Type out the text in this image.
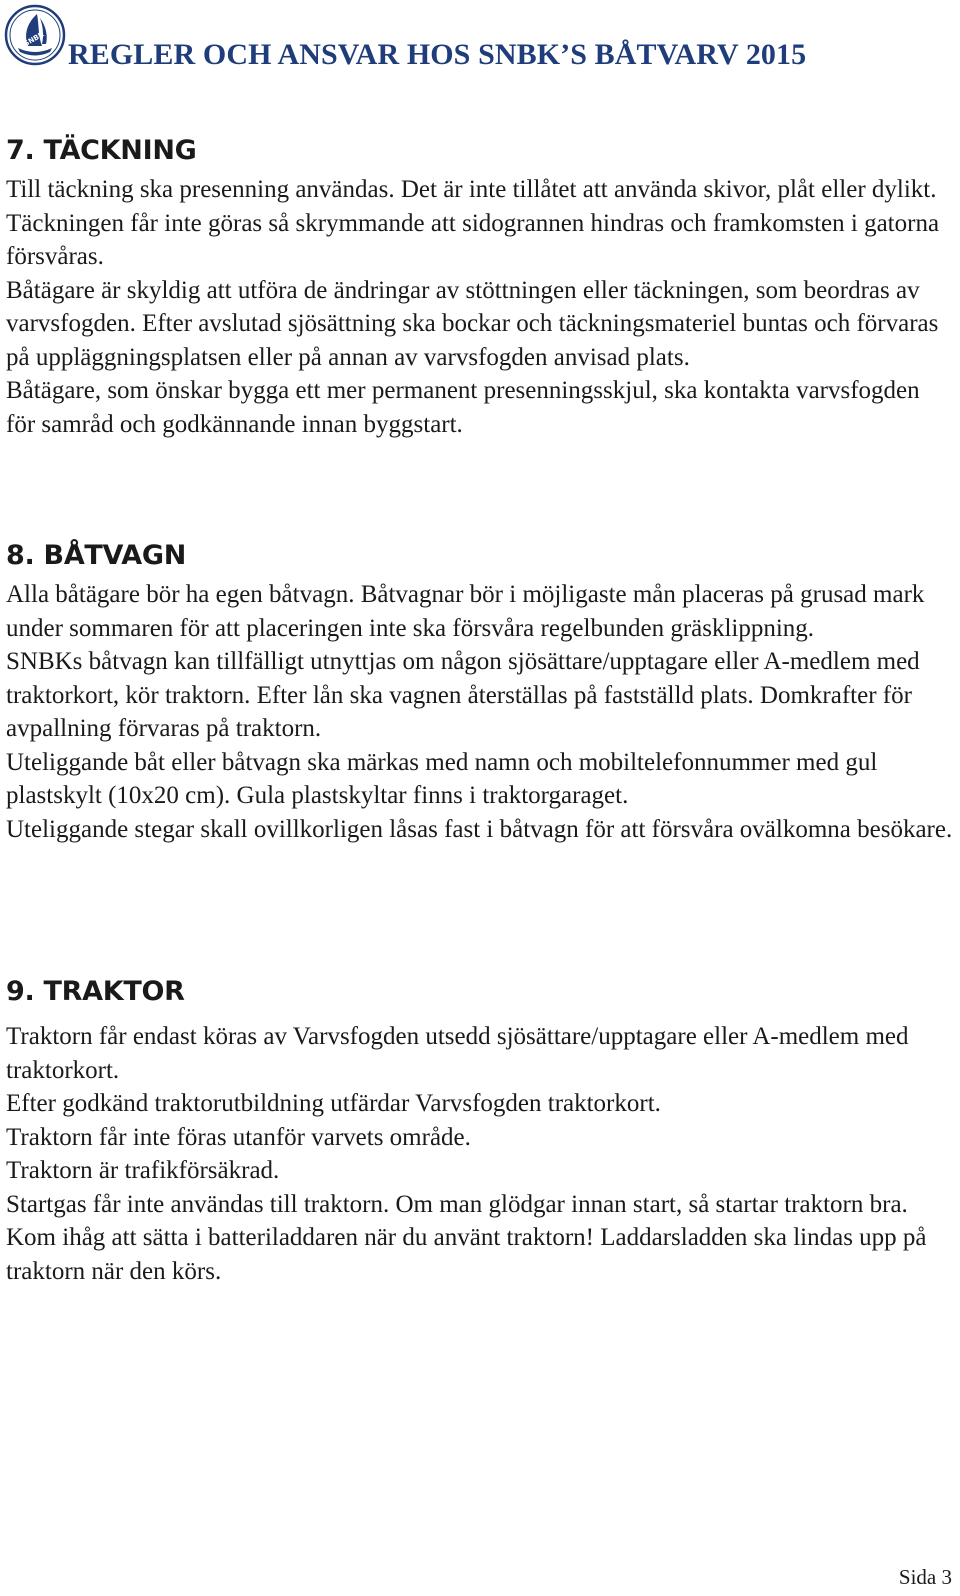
SNBK REGLER OCH ANSVAR HOS SNBK’S BÅTVARV 2015
7. TÄCKNING

Till täckning ska presenning användas. Det är inte tillåtet att använda skivor, plåt eller dylikt. Täckningen får inte göras så skrymmande att sidogrannen hindras och framkomsten i gatorna försvåras.

Båtägare är skyldig att utföra de ändringar av stöttningen eller täckningen, som beordras av varvsfogden. Efter avslutad sjösättning ska bockar och täckningsmateriel buntas och förvaras på uppläggningsplatsen eller på annan av varvsfogden anvisad plats.

Båtägare, som önskar bygga ett mer permanent presenningsskjul, ska kontakta varvsfogden för samråd och godkännande innan byggstart.

8. BÅTVAGN

Alla båtägare bör ha egen båtvagn. Båtvagnar bör i möjligaste mån placeras på grusad mark under sommaren för att placeringen inte ska försvåra regelbunden gräsklippning.

SNBKs båtvagn kan tillfälligt utnyttjas om någon sjösättare/upptagare eller A-medlem med traktorkort, kör traktorn. Efter lån ska vagnen återställas på fastställd plats. Domkrafter för avpallning förvaras på traktorn.

Uteliggande båt eller båtvagn ska märkas med namn och mobiltelefonnummer med gul plastskylt (10x20 cm). Gula plastskyltar finns i traktorgaraget.

Uteliggande stegar skall ovillkorligen låsas fast i båtvagn för att försvåra ovälkomna besökare.

9. TRAKTOR

Traktorn får endast köras av Varvsfogden utsedd sjösättare/upptagare eller A-medlem med traktorkort.

Efter godkänd traktorutbildning utfärdar Varvsfogden traktorkort.

Traktorn får inte föras utanför varvets område.

Traktorn är trafikförsäkrad.

Startgas får inte användas till traktorn. Om man glödgar innan start, så startar traktorn bra.

Kom ihåg att sätta i batteriladdaren när du använt traktorn! Laddarsladden ska lindas upp på traktorn när den körs.

Sida 3
